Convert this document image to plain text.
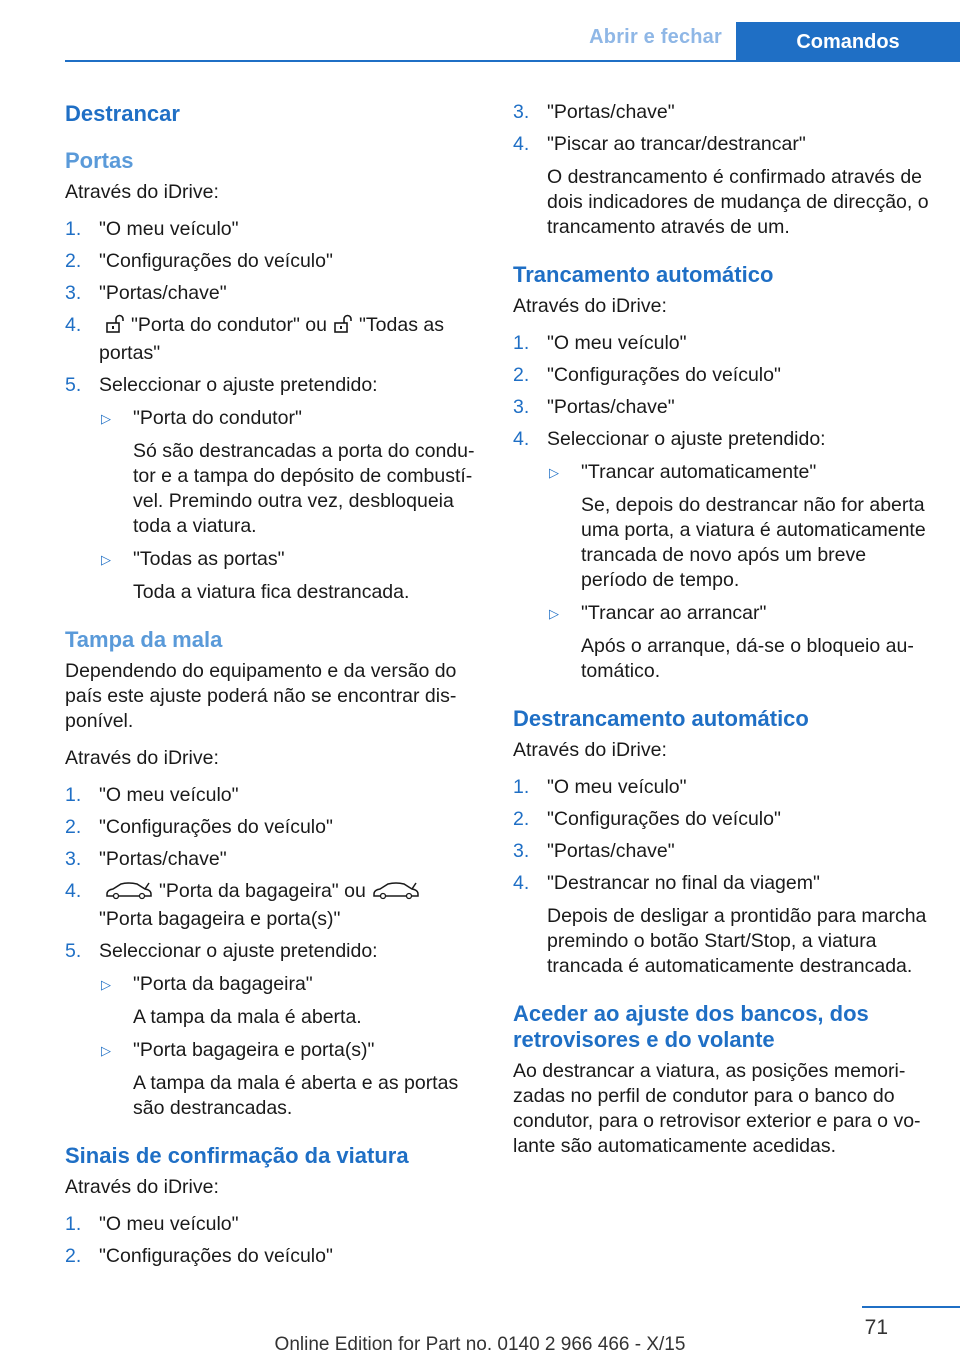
Abrir e fechar	Comandos
Destrancar
Portas

Através do iDrive:

1. "O meu veículo"
2. "Configurações do veículo"
3. "Portas/chave"
4.	"Porta do condutor" ou "Todas as portas"
5. Seleccionar o ajuste pretendido:
▷ "Porta do condutor"
Só são destrancadas a porta do condutor e a tampa do depósito de combustível. Premindo outra vez, desbloqueia toda a viatura.
▷ "Todas as portas"
Toda a viatura fica destrancada.
Tampa da mala

Dependendo do equipamento e da versão do país este ajuste poderá não se encontrar disponível.

Através do iDrive:

1. "O meu veículo"
2. "Configurações do veículo"
3. "Portas/chave"
4.	"Porta da bagageira" ou
"Porta bagageira e porta(s)"
5. Seleccionar o ajuste pretendido:
▷ "Porta da bagageira"
A tampa da mala é aberta.
▷ "Porta bagageira e porta(s)"
A tampa da mala é aberta e as portas são destrancadas.
Sinais de confirmação da viatura

Através do iDrive:

1. "O meu veículo"
2. "Configurações do veículo"
3. "Portas/chave"
4. "Piscar ao trancar/destrancar"
O destrancamento é confirmado através de dois indicadores de mudança de direcção, o trancamento através de um.
Trancamento automático

Através do iDrive:

1. "O meu veículo"
2. "Configurações do veículo"
3. "Portas/chave"
4. Seleccionar o ajuste pretendido:
▷ "Trancar automaticamente"
Se, depois do destrancar não for aberta uma porta, a viatura é automaticamente trancada de novo após um breve período de tempo.
▷ "Trancar ao arrancar"
Após o arranque, dá-se o bloqueio automático.
Destrancamento automático

Através do iDrive:

1. "O meu veículo"
2. "Configurações do veículo"
3. "Portas/chave"
4. "Destrancar no final da viagem"
Depois de desligar a prontidão para marcha premindo o botão Start/Stop, a viatura trancada é automaticamente destrancada.
Aceder ao ajuste dos bancos, dos retrovisores e do volante

Ao destrancar a viatura, as posições memorizadas no perfil de condutor para o banco do condutor, para o retrovisor exterior e para o volante são automaticamente acedidas.

71
Online Edition for Part no. 0140 2 966 466 - X/15
